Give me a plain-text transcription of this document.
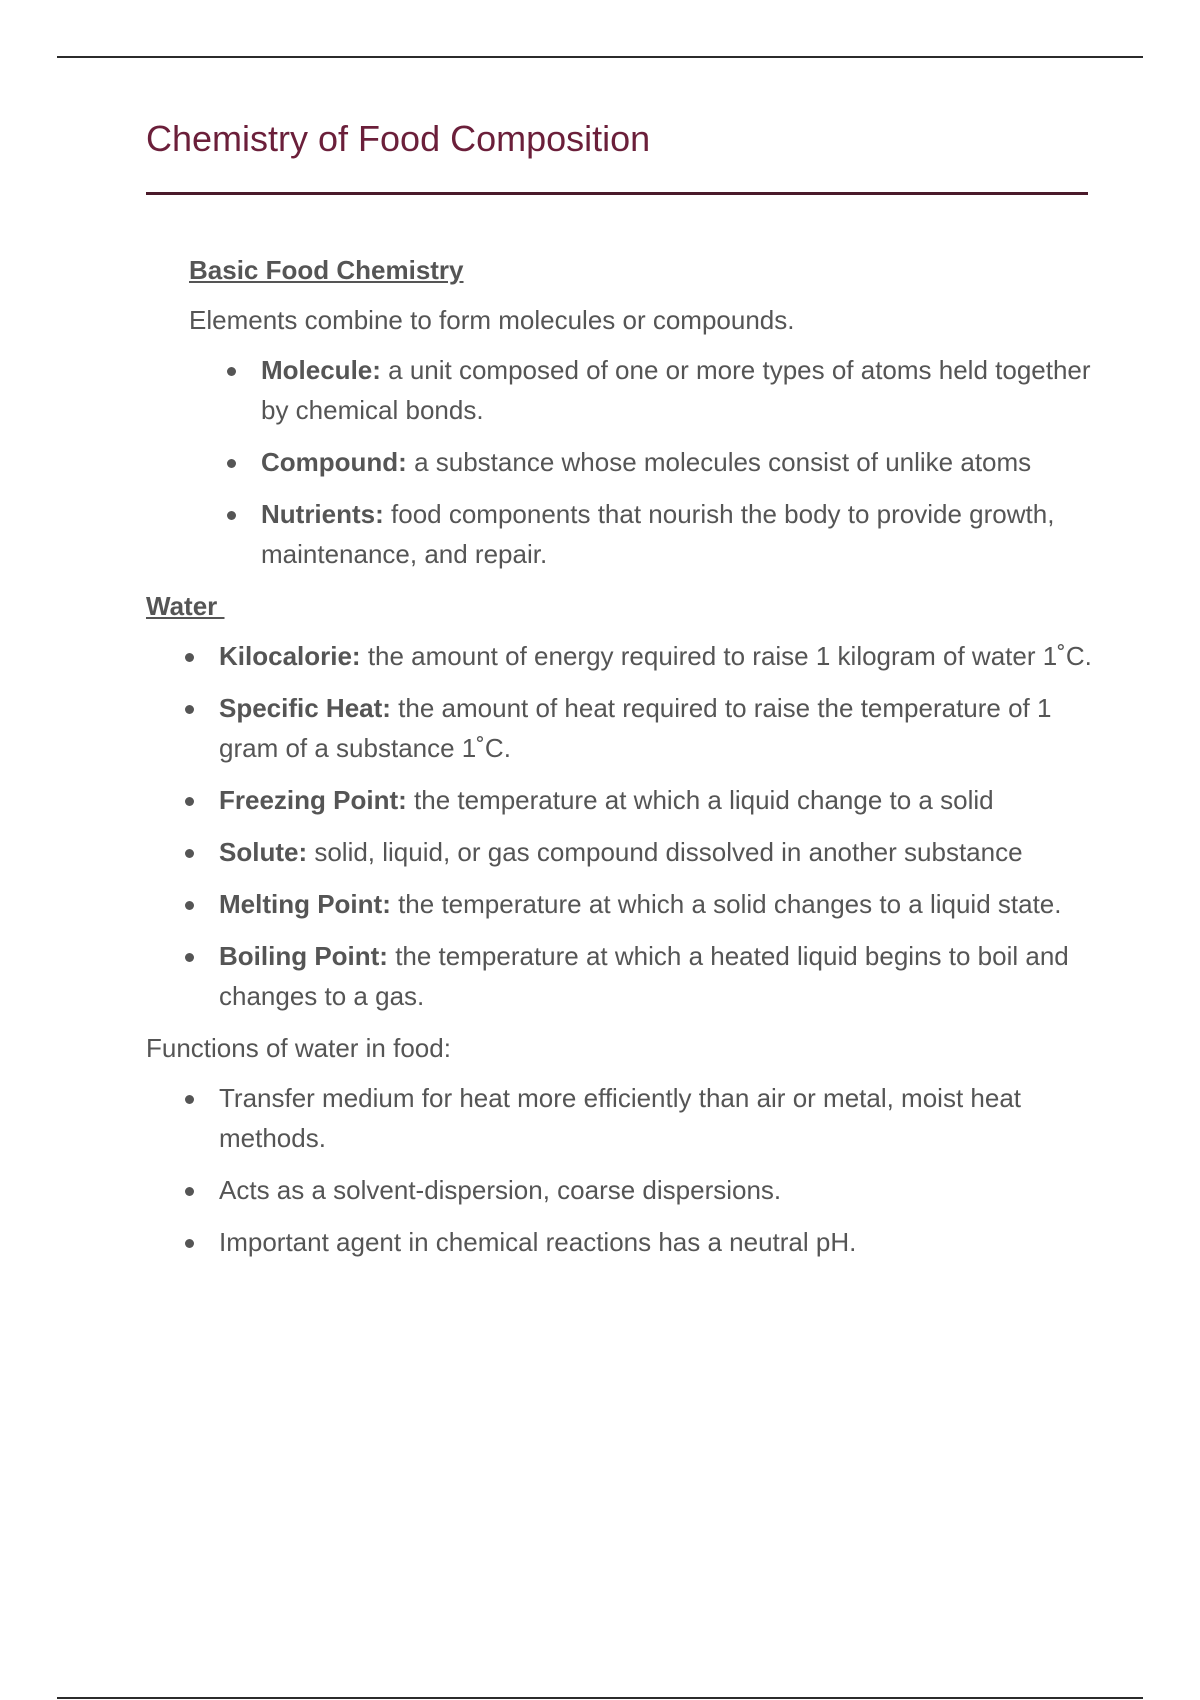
Chemistry of Food Composition

Basic Food Chemistry

Elements combine to form molecules or compounds.

Molecule: a unit composed of one or more types of atoms held together by chemical bonds.
Compound: a substance whose molecules consist of unlike atoms
Nutrients: food components that nourish the body to provide growth, maintenance, and repair.

Water

Kilocalorie: the amount of energy required to raise 1 kilogram of water 1˚C.
Specific Heat: the amount of heat required to raise the temperature of 1 gram of a substance 1˚C.
Freezing Point: the temperature at which a liquid change to a solid
Solute: solid, liquid, or gas compound dissolved in another substance
Melting Point: the temperature at which a solid changes to a liquid state.
Boiling Point: the temperature at which a heated liquid begins to boil and changes to a gas.

Functions of water in food:

Transfer medium for heat more efficiently than air or metal, moist heat methods.
Acts as a solvent-dispersion, coarse dispersions.
Important agent in chemical reactions has a neutral pH.
